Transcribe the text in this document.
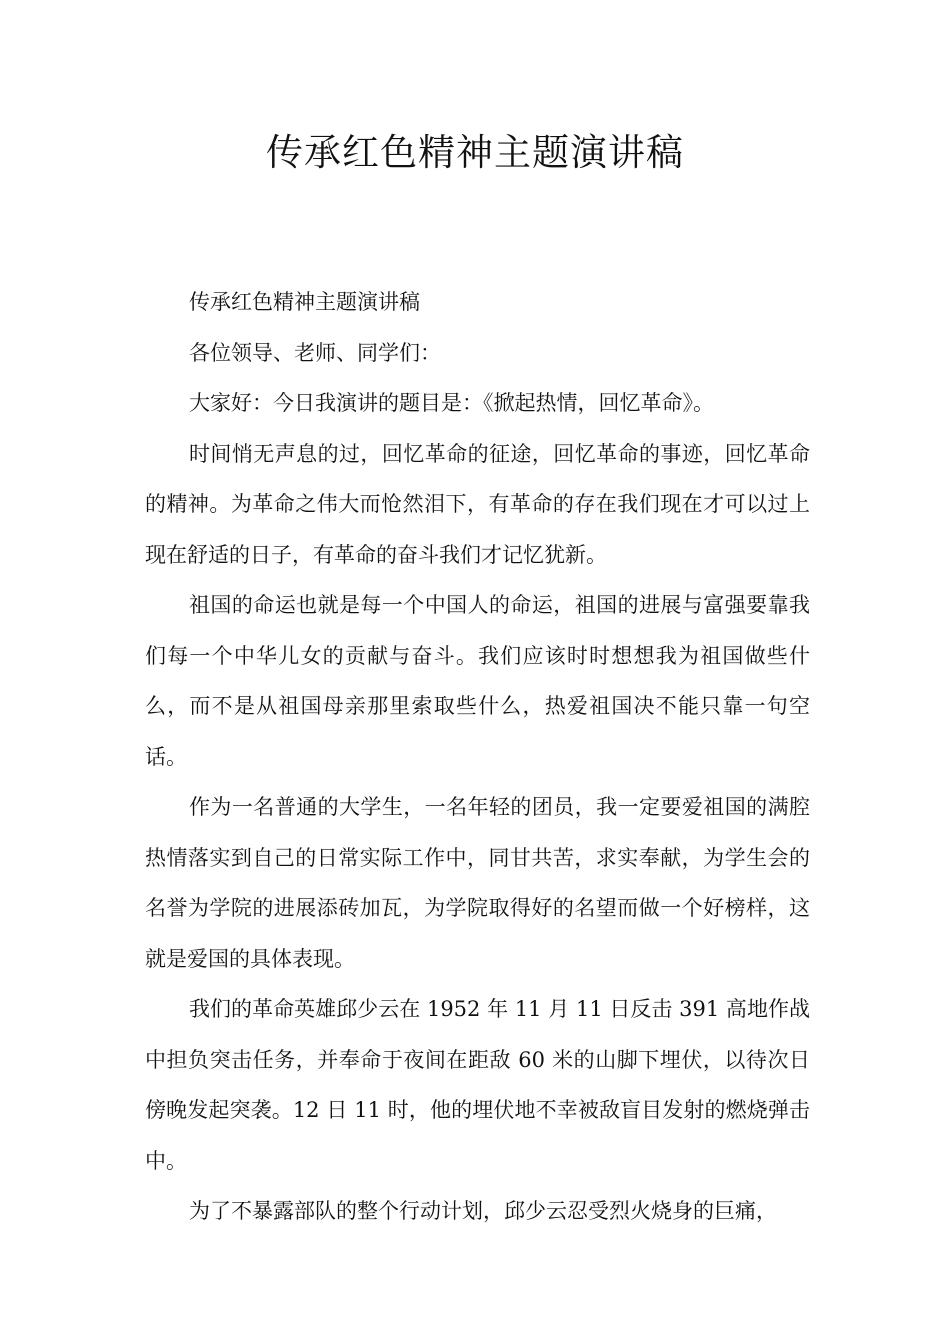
传承红色精神主题演讲稿

传承红色精神主题演讲稿

各位领导、老师、同学们：

大家好：今日我演讲的题目是：《掀起热情，回忆革命》。

时间悄无声息的过，回忆革命的征途，回忆革命的事迹，回忆革命的精神。为革命之伟大而怆然泪下，有革命的存在我们现在才可以过上现在舒适的日子，有革命的奋斗我们才记忆犹新。

祖国的命运也就是每一个中国人的命运，祖国的进展与富强要靠我们每一个中华儿女的贡献与奋斗。我们应该时时想想我为祖国做些什么，而不是从祖国母亲那里索取些什么，热爱祖国决不能只靠一句空话。

作为一名普通的大学生，一名年轻的团员，我一定要爱祖国的满腔热情落实到自己的日常实际工作中，同甘共苦，求实奉献，为学生会的名誉为学院的进展添砖加瓦，为学院取得好的名望而做一个好榜样，这就是爱国的具体表现。

我们的革命英雄邱少云在 1952 年 11 月 11 日反击 391 高地作战中担负突击任务，并奉命于夜间在距敌 60 米的山脚下埋伏，以待次日傍晚发起突袭。12 日 11 时，他的埋伏地不幸被敌盲目发射的燃烧弹击中。

为了不暴露部队的整个行动计划，邱少云忍受烈火烧身的巨痛，
